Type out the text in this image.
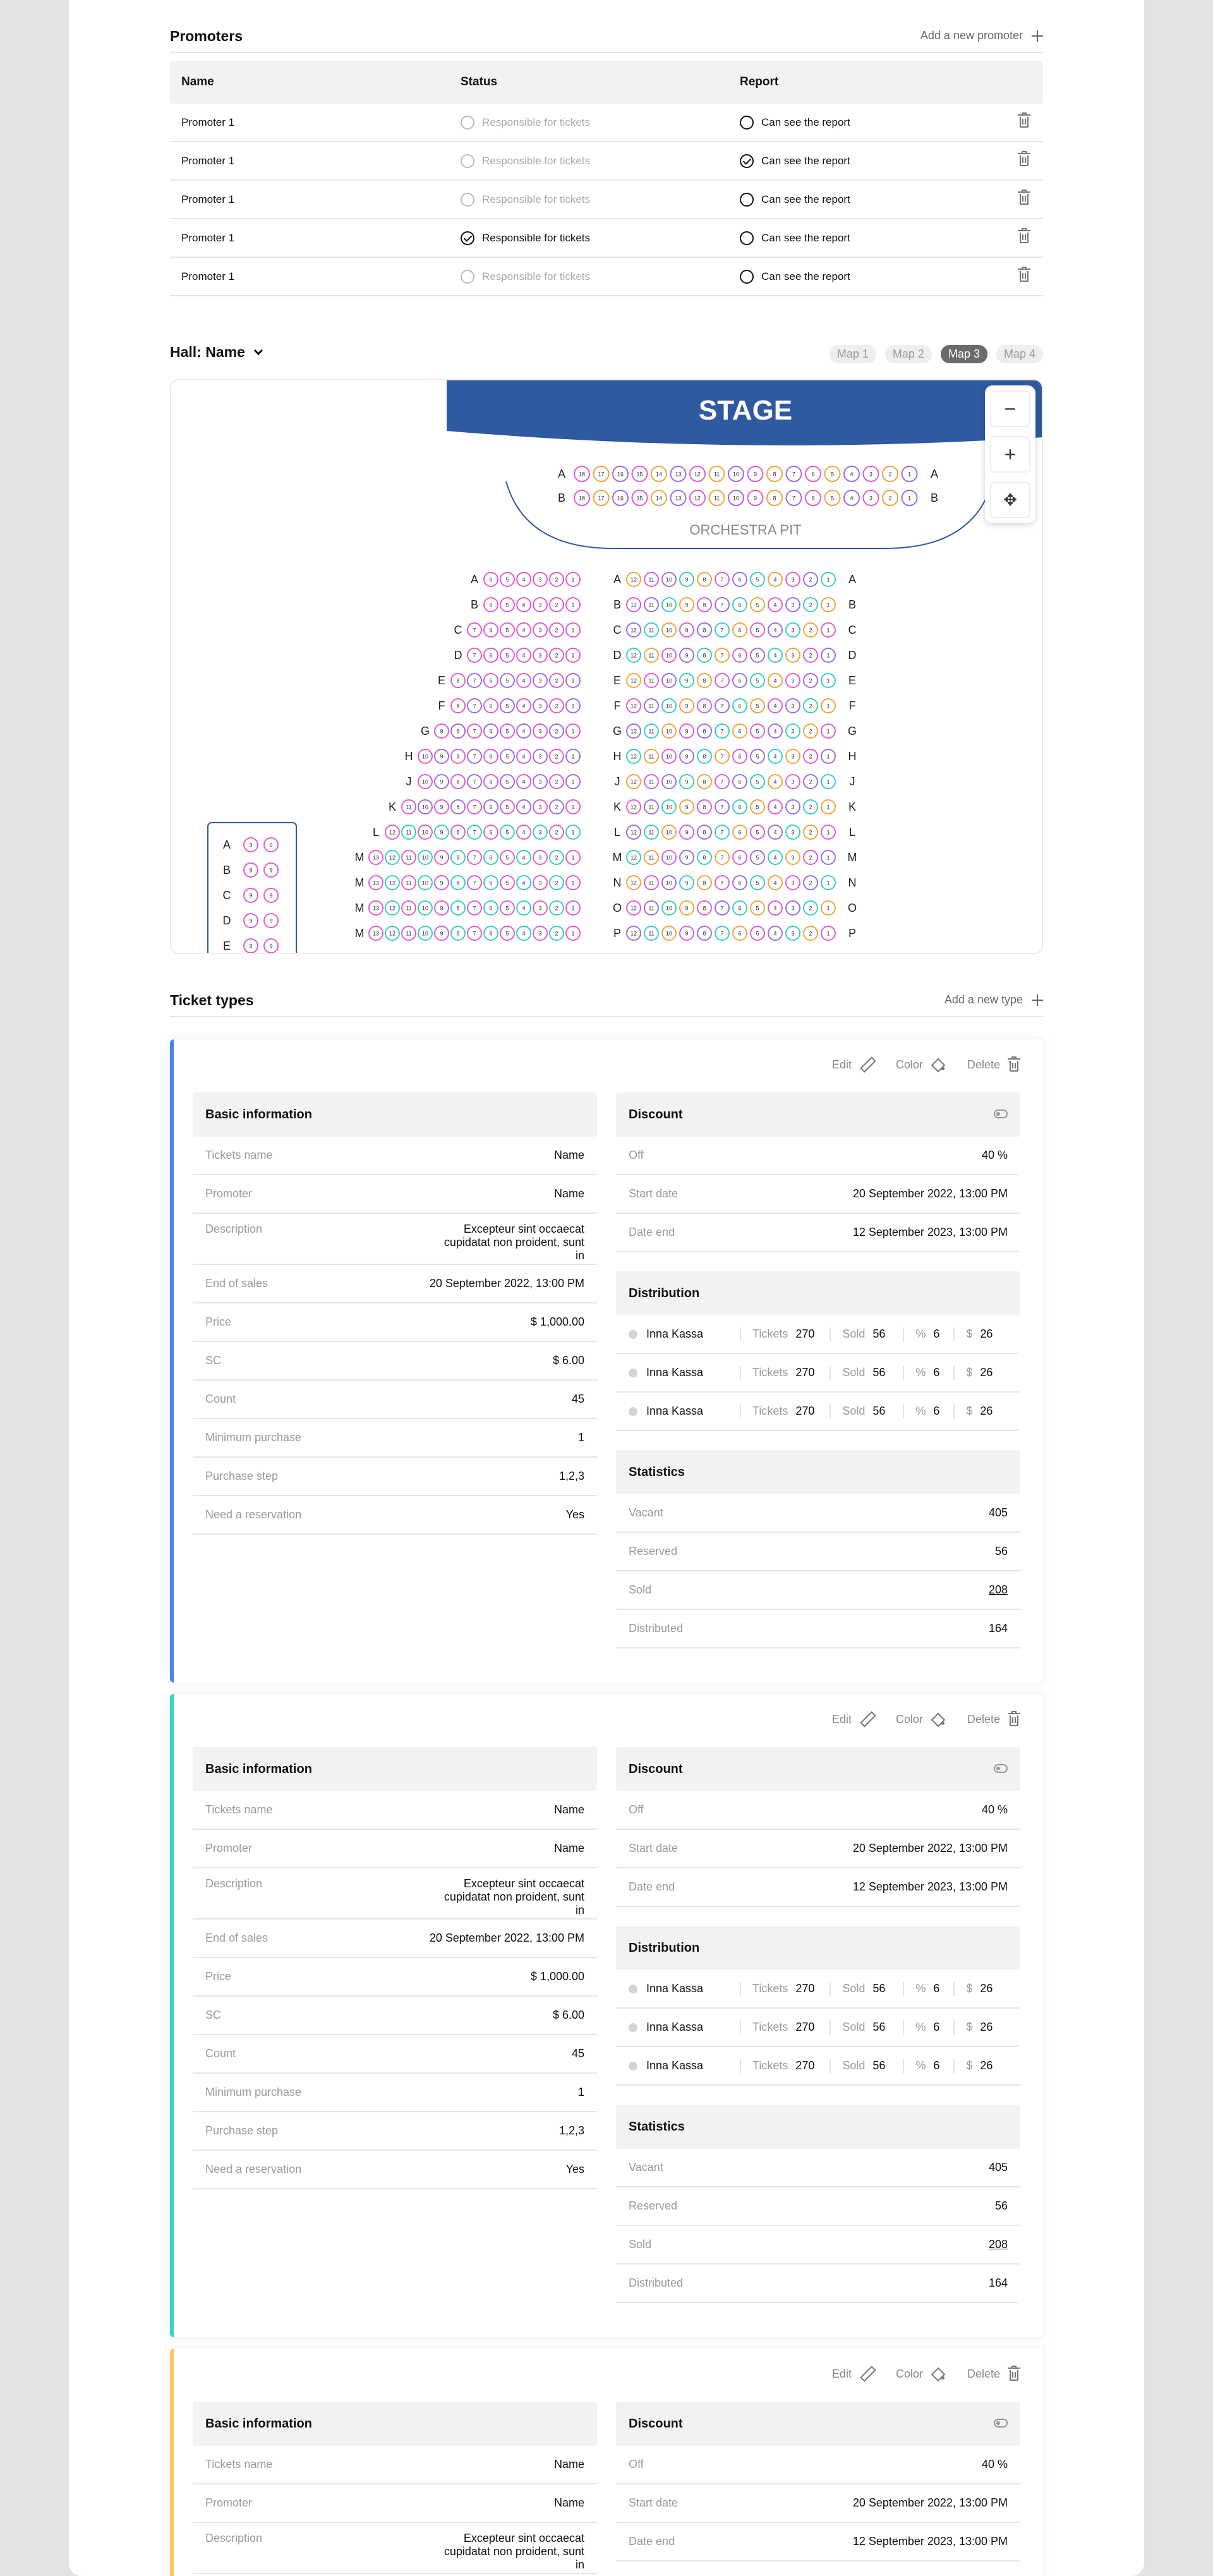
Promoters	Add a new promoter
Name	Status	Report
Promoter 1	Responsible for tickets	Can see the report
Promoter 1	Responsible for tickets	Can see the report
Promoter 1	Responsible for tickets	Can see the report
Promoter 1	Responsible for tickets	Can see the report
Promoter 1	Responsible for tickets	Can see the report
Hall: Name	Map 1	Map 2	Map 3	Map 4
STAGE
ORCHESTRA PIT
A	A
18 17 16 15 14 13 12 11 10	9	8	7	6	5	4	3	2	1
B	B
18 17 16 15 14 13 12 11 10	9	8	7	6	5	4	3	2	1
A 6 5 4 3 2 1
B 6 5 4 3 2 1
C 7 6 5 4 3 2 1
D 7 6 5 4 3 2 1
E 8 7 6 5 4 3 2 1
F 8 7 6 5 4 3 2 1
G 9 8 7 6 5 4 3 2 1
H 10 9 8 7 6 5 4 3 2 1
J 10 9 8 7 6 5 4 3 2 1
K 11 10 9 8 7 6 5 4 3 2 1
L 12 11 10 9 8 7 6 5 4 3 2 1
M 13 12 11 10 9 8 7 6 5 4 3 2 1
M 13 12 11 10 9 8 7 6 5 4 3 2 1
M 13 12 11 10 9 8 7 6 5 4 3 2 1
M 13 12 11 10 9 8 7 6 5 4 3 2 1
A	A
12 11 10 9	8	7	6	5	4	3	2	1
B	B
12 11 10 9	8	7	6	5	4	3	2	1
C	C
12 11 10 9	8	7	6	5	4	3	2	1
D	D
12 11 10 9	8	7	6	5	4	3	2	1
E	E
12 11 10 9	8	7	6	5	4	3	2	1
F	F
12 11 10 9	8	7	6	5	4	3	2	1
G	G
12 11 10 9	8	7	6	5	4	3	2	1
H	H
12 11 10 9	8	7	6	5	4	3	2	1
J	J
12 11 10 9	8	7	6	5	4	3	2	1
K	K
12 11 10 9	8	7	6	5	4	3	2	1
L	L
12 11 10 9	8	7	6	5	4	3	2	1
M	M
12 11 10 9	8	7	6	5	4	3	2	1
N	N
12 11 10 9	8	7	6	5	4	3	2	1
O	O
12 11 10 9	8	7	6	5	4	3	2	1
P	P
12 11 10 9	8	7	6	5	4	3	2	1
A	9	9
B	9	9
C	9	9
D	9	9
E	9	9
−
+
✥
Ticket types	Add a new type
Edit	Color	Delete
Basic information
Tickets name	Name
Promoter	Name
Description	Excepteur sint occaecat cupidatat non proident, sunt in
End of sales	20 September 2022, 13:00 PM
Price	$ 1,000.00
SC	$ 6.00
Count	45
Minimum purchase	1
Purchase step	1,2,3
Need a reservation	Yes
Discount
Off	40 %
Start date	20 September 2022, 13:00 PM
Date end	12 September 2023, 13:00 PM
Distribution
Inna Kassa	Tickets 270	Sold 56	% 6	$ 26
Inna Kassa	Tickets 270	Sold 56	% 6	$ 26
Inna Kassa	Tickets 270	Sold 56	% 6	$ 26
Statistics
Vacant	405
Reserved	56
Sold	208
Distributed	164
Edit	Color	Delete
Basic information
Tickets name	Name
Promoter	Name
Description	Excepteur sint occaecat cupidatat non proident, sunt in
End of sales	20 September 2022, 13:00 PM
Price	$ 1,000.00
SC	$ 6.00
Count	45
Minimum purchase	1
Purchase step	1,2,3
Need a reservation	Yes
Discount
Off	40 %
Start date	20 September 2022, 13:00 PM
Date end	12 September 2023, 13:00 PM
Distribution
Inna Kassa	Tickets 270	Sold 56	% 6	$ 26
Inna Kassa	Tickets 270	Sold 56	% 6	$ 26
Inna Kassa	Tickets 270	Sold 56	% 6	$ 26
Statistics
Vacant	405
Reserved	56
Sold	208
Distributed	164
Edit	Color	Delete
Basic information
Tickets name	Name
Promoter	Name
Description	Excepteur sint occaecat cupidatat non proident, sunt in
Discount
Off	40 %
Start date	20 September 2022, 13:00 PM
Date end	12 September 2023, 13:00 PM
